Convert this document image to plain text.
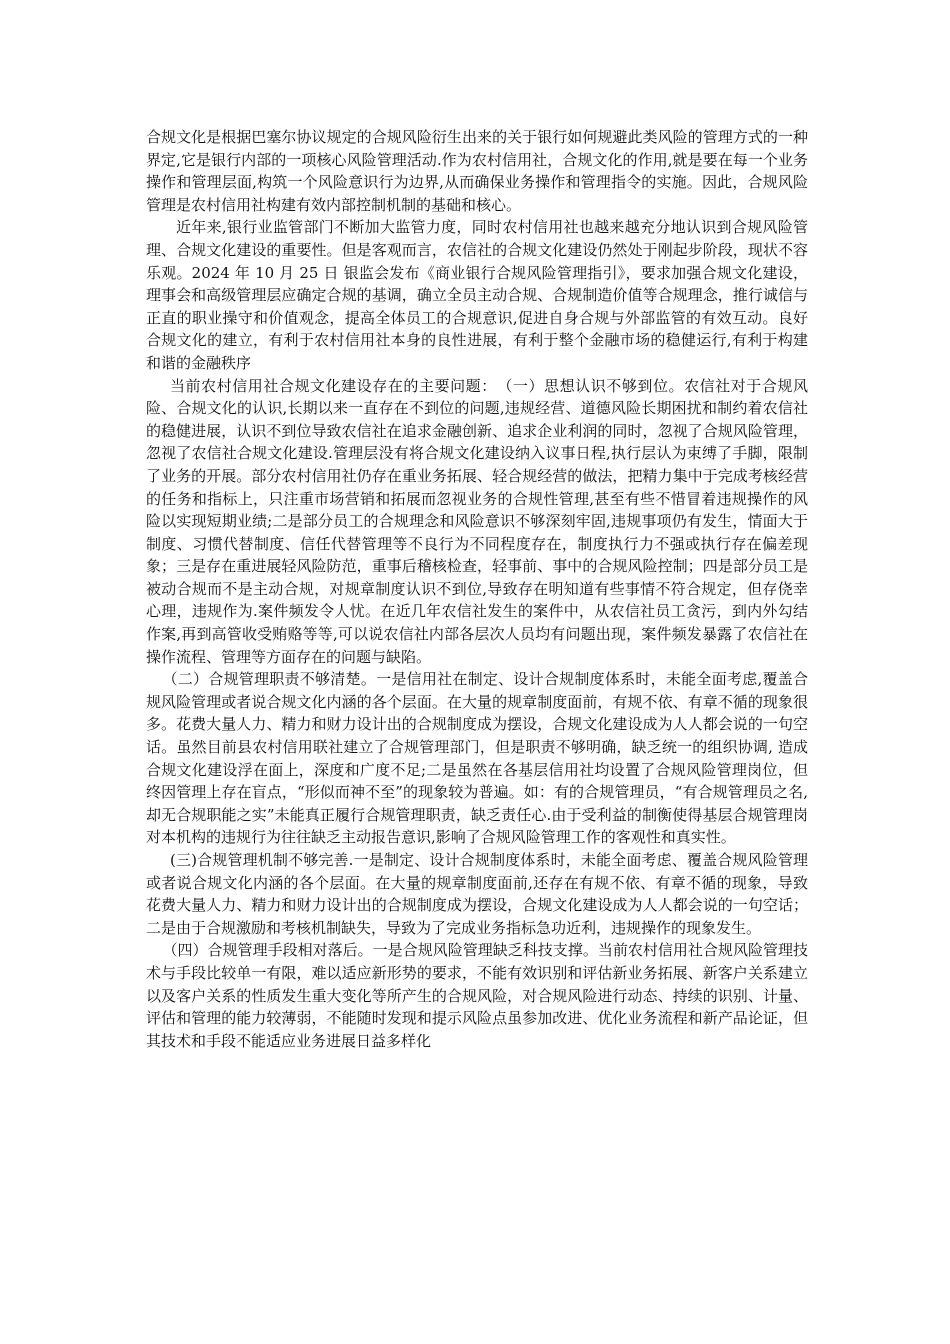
合规文化是根据巴塞尔协议规定的合规风险衍生出来的关于银行如何规避此类风险的管理方式的一种界定,它是银行内部的一项核心风险管理活动.作为农村信用社，合规文化的作用,就是要在每一个业务操作和管理层面,构筑一个风险意识行为边界,从而确保业务操作和管理指令的实施。因此，合规风险管理是农村信用社构建有效内部控制机制的基础和核心。

近年来,银行业监管部门不断加大监管力度，同时农村信用社也越来越充分地认识到合规风险管理、合规文化建设的重要性。但是客观而言，农信社的合规文化建设仍然处于刚起步阶段，现状不容乐观。2024 年 10 月 25 日 银监会发布《商业银行合规风险管理指引》，要求加强合规文化建设，理事会和高级管理层应确定合规的基调，确立全员主动合规、合规制造价值等合规理念，推行诚信与正直的职业操守和价值观念，提高全体员工的合规意识,促进自身合规与外部监管的有效互动。良好合规文化的建立，有利于农村信用社本身的良性进展，有利于整个金融市场的稳健运行,有利于构建和谐的金融秩序

当前农村信用社合规文化建设存在的主要问题：　（一）思想认识不够到位。农信社对于合规风险、合规文化的认识,长期以来一直存在不到位的问题,违规经营、道德风险长期困扰和制约着农信社的稳健进展，认识不到位导致农信社在追求金融创新、追求企业利润的同时，忽视了合规风险管理，忽视了农信社合规文化建设.管理层没有将合规文化建设纳入议事日程,执行层认为束缚了手脚，限制了业务的开展。部分农村信用社仍存在重业务拓展、轻合规经营的做法，把精力集中于完成考核经营的任务和指标上，只注重市场营销和拓展而忽视业务的合规性管理,甚至有些不惜冒着违规操作的风险以实现短期业绩;二是部分员工的合规理念和风险意识不够深刻牢固,违规事项仍有发生，情面大于制度、习惯代替制度、信任代替管理等不良行为不同程度存在，制度执行力不强或执行存在偏差现象；三是存在重进展轻风险防范，重事后稽核检查，轻事前、事中的合规风险控制；四是部分员工是被动合规而不是主动合规，对规章制度认识不到位,导致存在明知道有些事情不符合规定，但存侥幸心理，违规作为.案件频发令人忧。在近几年农信社发生的案件中，从农信社员工贪污，到内外勾结作案,再到高管收受贿赂等等,可以说农信社内部各层次人员均有问题出现，案件频发暴露了农信社在操作流程、管理等方面存在的问题与缺陷。

（二）合规管理职责不够清楚。一是信用社在制定、设计合规制度体系时，未能全面考虑,覆盖合规风险管理或者说合规文化内涵的各个层面。在大量的规章制度面前，有规不依、有章不循的现象很多。花费大量人力、精力和财力设计出的合规制度成为摆设，合规文化建设成为人人都会说的一句空话。虽然目前县农村信用联社建立了合规管理部门，但是职责不够明确，缺乏统一的组织协调, 造成合规文化建设浮在面上，深度和广度不足;二是虽然在各基层信用社均设置了合规风险管理岗位，但终因管理上存在盲点，“形似而神不至”的现象较为普遍。如：有的合规管理员，“有合规管理员之名,却无合规职能之实”未能真正履行合规管理职责，缺乏责任心.由于受利益的制衡使得基层合规管理岗对本机构的违规行为往往缺乏主动报告意识,影响了合规风险管理工作的客观性和真实性。

(三)合规管理机制不够完善.一是制定、设计合规制度体系时，未能全面考虑、覆盖合规风险管理或者说合规文化内涵的各个层面。在大量的规章制度面前,还存在有规不依、有章不循的现象，导致花费大量人力、精力和财力设计出的合规制度成为摆设，合规文化建设成为人人都会说的一句空话；二是由于合规激励和考核机制缺失，导致为了完成业务指标急功近利，违规操作的现象发生。

（四）合规管理手段相对落后。一是合规风险管理缺乏科技支撑。当前农村信用社合规风险管理技术与手段比较单一有限，难以适应新形势的要求，不能有效识别和评估新业务拓展、新客户关系建立以及客户关系的性质发生重大变化等所产生的合规风险，对合规风险进行动态、持续的识别、计量、评估和管理的能力较薄弱，不能随时发现和提示风险点虽参加改进、优化业务流程和新产品论证，但其技术和手段不能适应业务进展日益多样化
